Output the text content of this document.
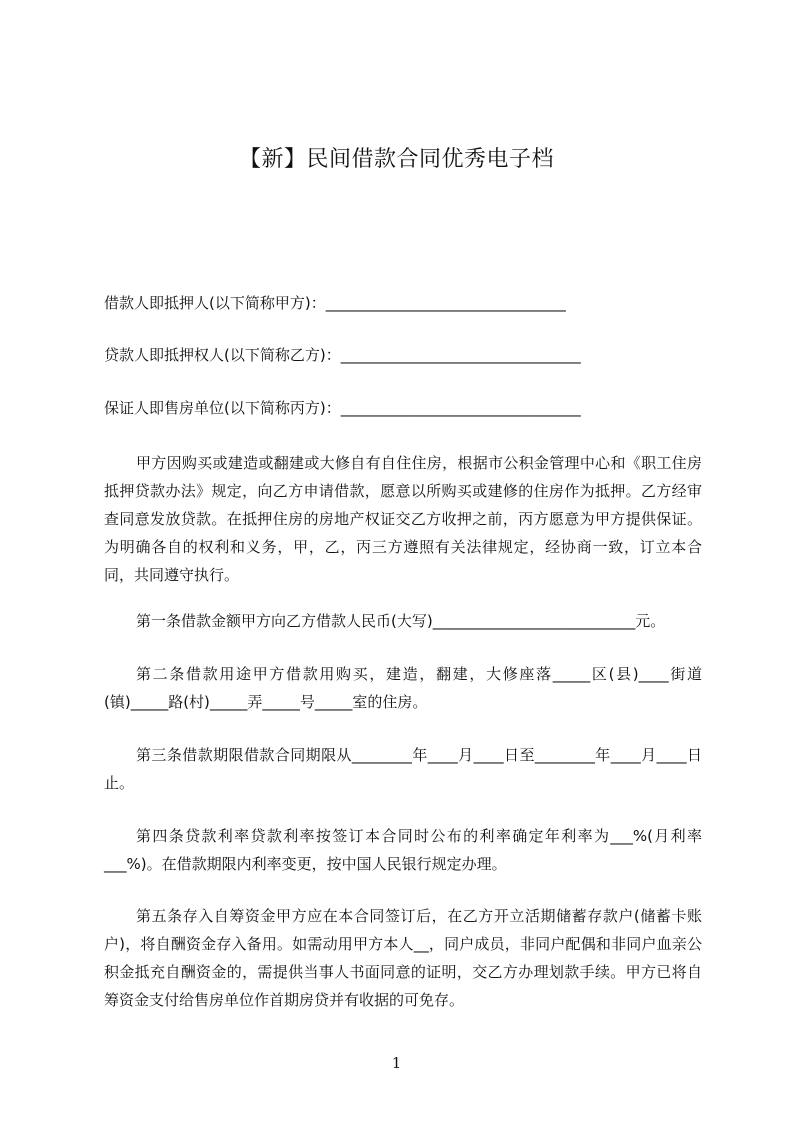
【新】民间借款合同优秀电子档
借款人即抵押人(以下简称甲方)：________________________________
贷款人即抵押权人(以下简称乙方)：________________________________
保证人即售房单位(以下简称丙方)：________________________________
甲方因购买或建造或翻建或大修自有自住住房，根据市公积金管理中心和《职工住房抵押贷款办法》规定，向乙方申请借款，愿意以所购买或建修的住房作为抵押。乙方经审查同意发放贷款。在抵押住房的房地产权证交乙方收押之前，丙方愿意为甲方提供保证。为明确各自的权利和义务，甲，乙，丙三方遵照有关法律规定，经协商一致，订立本合同，共同遵守执行。
第一条借款金额甲方向乙方借款人民币(大写)___________________________元。
第二条借款用途甲方借款用购买，建造，翻建，大修座落_____区(县)____街道(镇)_____路(村)_____弄_____号_____室的住房。
第三条借款期限借款合同期限从________年____月____日至________年____月____日止。
第四条贷款利率贷款利率按签订本合同时公布的利率确定年利率为___%(月利率___%)。在借款期限内利率变更，按中国人民银行规定办理。
第五条存入自筹资金甲方应在本合同签订后，在乙方开立活期储蓄存款户(储蓄卡账户)，将自酬资金存入备用。如需动用甲方本人__，同户成员，非同户配偶和非同户血亲公积金抵充自酬资金的，需提供当事人书面同意的证明，交乙方办理划款手续。甲方已将自筹资金支付给售房单位作首期房贷并有收据的可免存。
1
